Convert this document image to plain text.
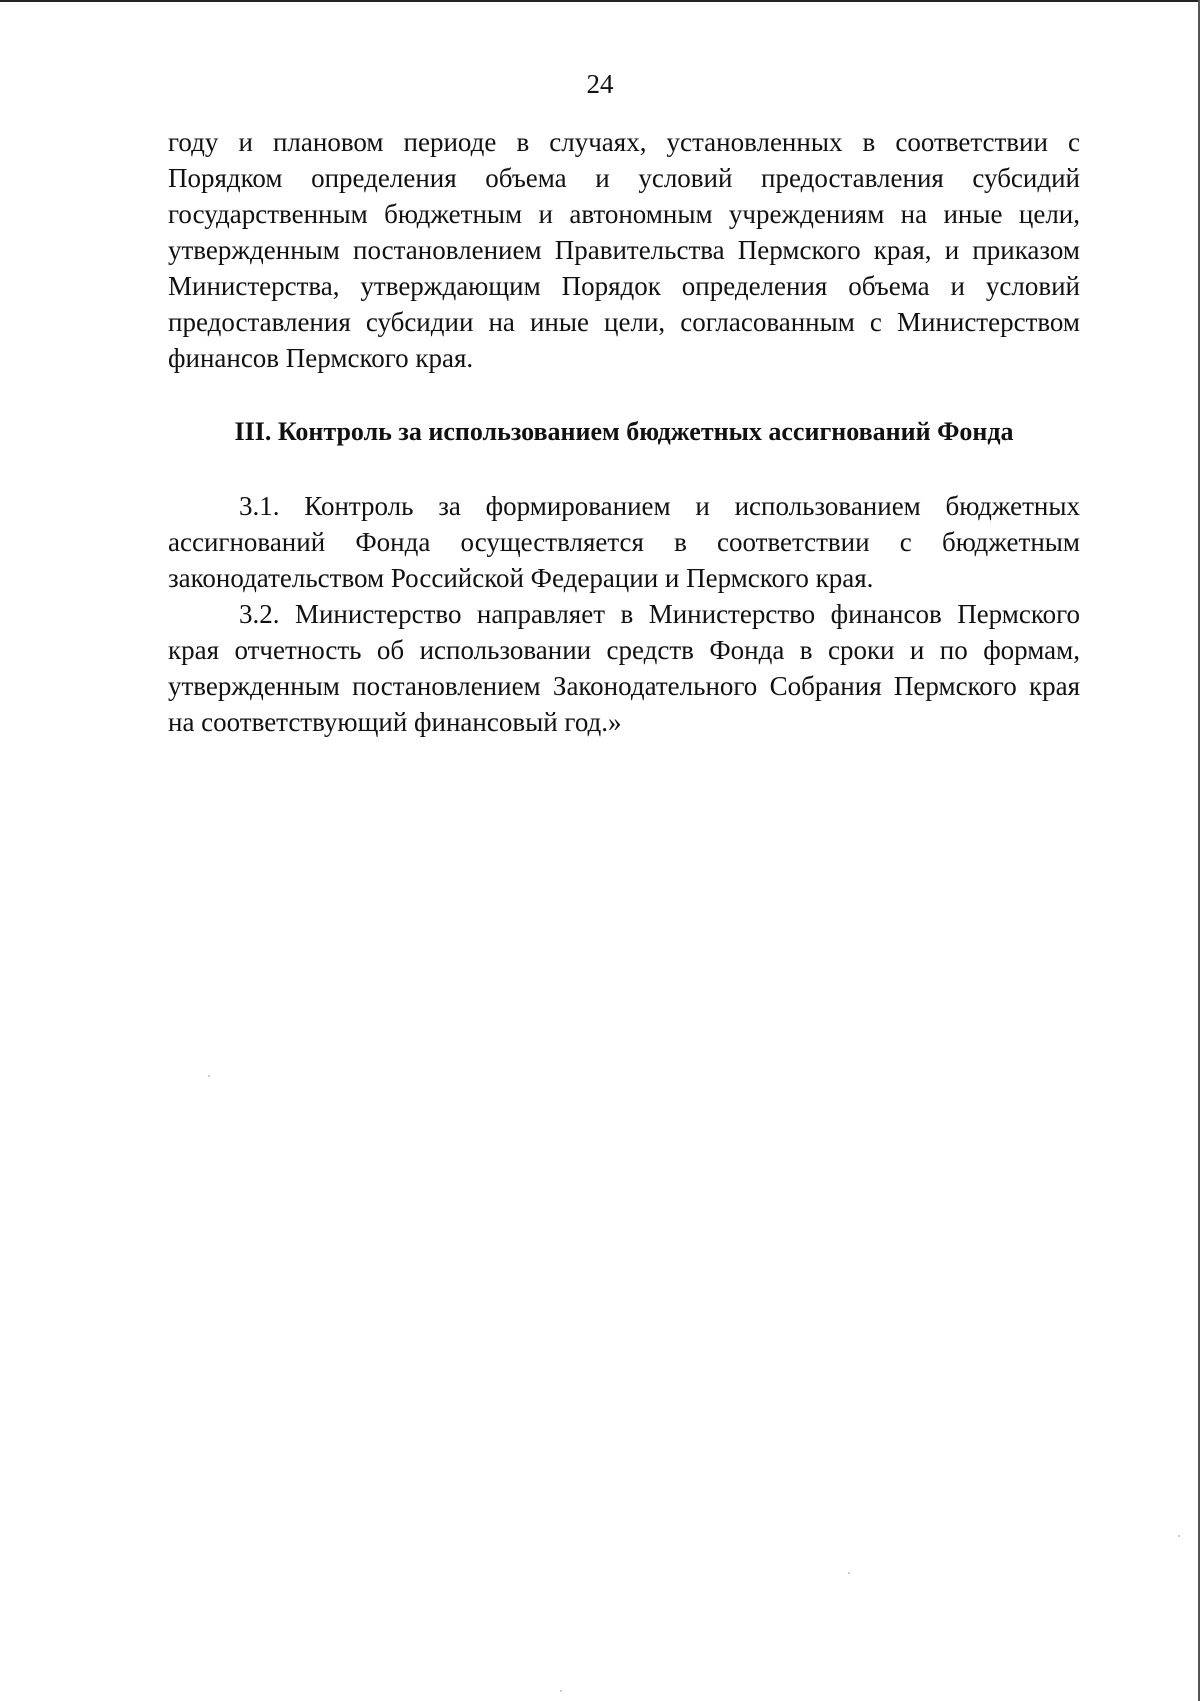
24

году и плановом периоде в случаях, установленных в соответствии с Порядком определения объема и условий предоставления субсидий государственным бюджетным и автономным учреждениям на иные цели, утвержденным постановлением Правительства Пермского края, и приказом Министерства, утверждающим Порядок определения объема и условий предоставления субсидии на иные цели, согласованным с Министерством финансов Пермского края.

III. Контроль за использованием бюджетных ассигнований Фонда

3.1. Контроль за формированием и использованием бюджетных ассигнований Фонда осуществляется в соответствии с бюджетным законодательством Российской Федерации и Пермского края.

3.2. Министерство направляет в Министерство финансов Пермского края отчетность об использовании средств Фонда в сроки и по формам, утвержденным постановлением Законодательного Собрания Пермского края на соответствующий финансовый год.»
